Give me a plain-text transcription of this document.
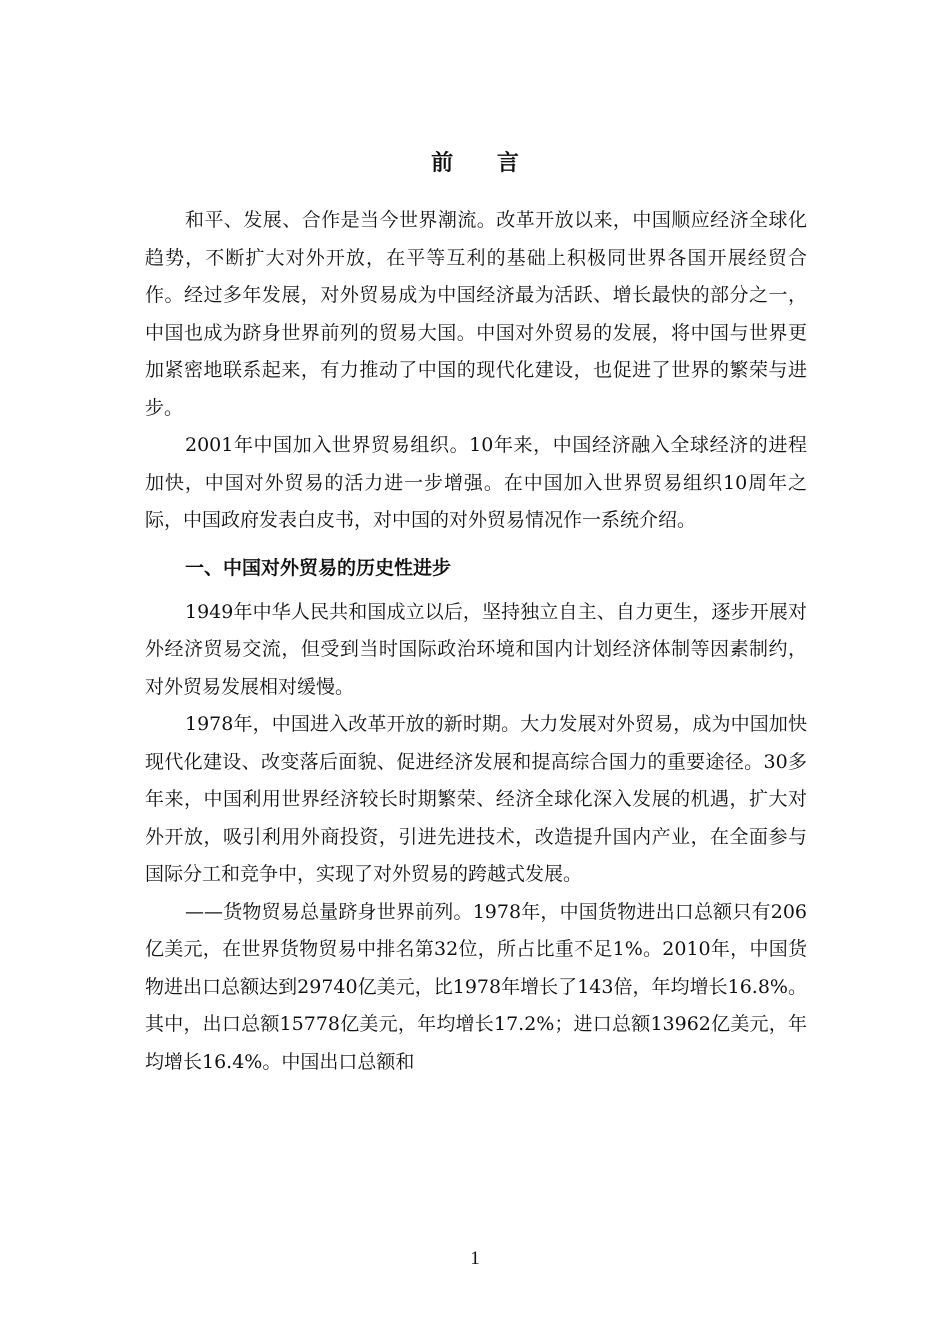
前 言

和平、发展、合作是当今世界潮流。改革开放以来，中国顺应经济全球化趋势，不断扩大对外开放，在平等互利的基础上积极同世界各国开展经贸合作。经过多年发展，对外贸易成为中国经济最为活跃、增长最快的部分之一，中国也成为跻身世界前列的贸易大国。中国对外贸易的发展，将中国与世界更加紧密地联系起来，有力推动了中国的现代化建设，也促进了世界的繁荣与进步。

2001年中国加入世界贸易组织。10年来，中国经济融入全球经济的进程加快，中国对外贸易的活力进一步增强。在中国加入世界贸易组织10周年之际，中国政府发表白皮书，对中国的对外贸易情况作一系统介绍。

一、中国对外贸易的历史性进步

1949年中华人民共和国成立以后，坚持独立自主、自力更生，逐步开展对外经济贸易交流，但受到当时国际政治环境和国内计划经济体制等因素制约，对外贸易发展相对缓慢。

1978年，中国进入改革开放的新时期。大力发展对外贸易，成为中国加快现代化建设、改变落后面貌、促进经济发展和提高综合国力的重要途径。30多年来，中国利用世界经济较长时期繁荣、经济全球化深入发展的机遇，扩大对外开放，吸引利用外商投资，引进先进技术，改造提升国内产业，在全面参与国际分工和竞争中，实现了对外贸易的跨越式发展。

——货物贸易总量跻身世界前列。1978年，中国货物进出口总额只有206亿美元，在世界货物贸易中排名第32位，所占比重不足1%。2010年，中国货物进出口总额达到29740亿美元，比1978年增长了143倍，年均增长16.8%。其中，出口总额15778亿美元，年均增长17.2%；进口总额13962亿美元，年均增长16.4%。中国出口总额和

1
